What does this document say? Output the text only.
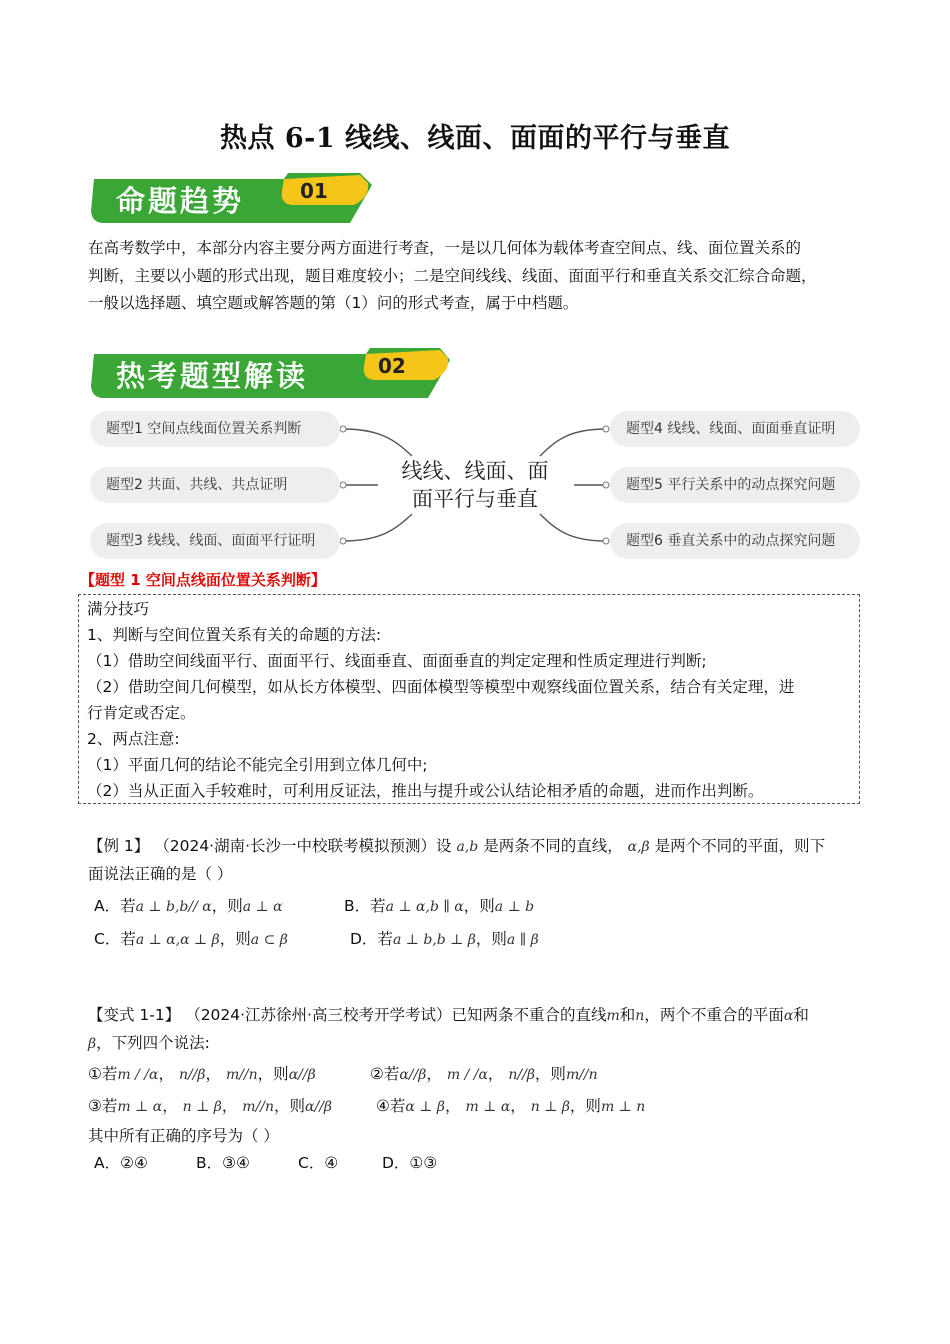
热点 6-1 线线、线面、面面的平行与垂直
命题趋势	01
在高考数学中，本部分内容主要分两方面进行考查，一是以几何体为载体考查空间点、线、面位置关系的
判断，主要以小题的形式出现，题目难度较小；二是空间线线、线面、面面平行和垂直关系交汇综合命题，
一般以选择题、填空题或解答题的第（1）问的形式考查，属于中档题。
热考题型解读	02
题型1 空间点线面位置关系判断
题型2 共面、共线、共点证明
题型3 线线、线面、面面平行证明
题型4 线线、线面、面面垂直证明
题型5 平行关系中的动点探究问题
题型6 垂直关系中的动点探究问题
线线、线面、面
面平行与垂直
【题型 1 空间点线面位置关系判断】
满分技巧
1、判断与空间位置关系有关的命题的方法:
（1）借助空间线面平行、面面平行、线面垂直、面面垂直的判定定理和性质定理进行判断;
（2）借助空间几何模型，如从长方体模型、四面体模型等模型中观察线面位置关系，结合有关定理，进
行肯定或否定。
2、两点注意:
（1）平面几何的结论不能完全引用到立体几何中;
（2）当从正面入手较难时，可利用反证法，推出与提升或公认结论相矛盾的命题，进而作出判断。
【例 1】 （2024·湖南·长沙一中校联考模拟预测）设 a,b 是两条不同的直线， α,β 是两个不同的平面，则下
面说法正确的是（ ）
A．若a ⊥ b,b// α，则a ⊥ α	B．若a ⊥ α,b ∥ α，则a ⊥ b
C．若a ⊥ α,α ⊥ β，则a ⊂ β	D．若a ⊥ b,b ⊥ β，则a ∥ β
【变式 1-1】 （2024·江苏徐州·高三校考开学考试）已知两条不重合的直线m和n，两个不重合的平面α和
β，下列四个说法:
①若m / /α， n//β， m//n，则α//β	②若α//β， m / /α， n//β，则m//n
③若m ⊥ α， n ⊥ β， m//n，则α//β	④若α ⊥ β， m ⊥ α， n ⊥ β，则m ⊥ n
其中所有正确的序号为（ ）
A．②④	B．③④	C．④	D．①③
